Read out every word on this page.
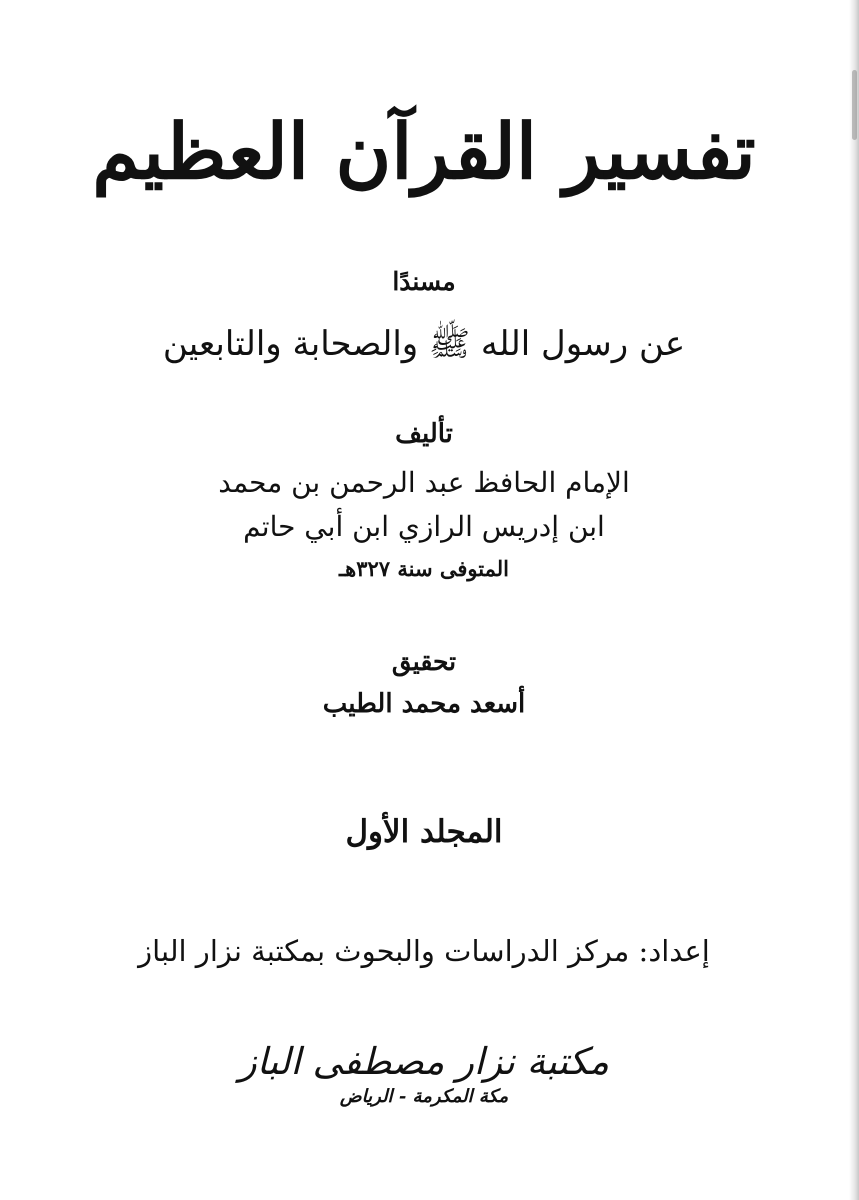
تفسير القرآن العظيم
مسندًا
عن رسول الله ﷺ والصحابة والتابعين
تأليف
الإمام الحافظ عبد الرحمن بن محمد
ابن إدريس الرازي ابن أبي حاتم
المتوفى سنة ٣٢٧هـ
تحقيق
أسعد محمد الطيب
المجلد الأول
إعداد: مركز الدراسات والبحوث بمكتبة نزار الباز
مكتبة نزار مصطفى الباز
مكة المكرمة - الرياض
